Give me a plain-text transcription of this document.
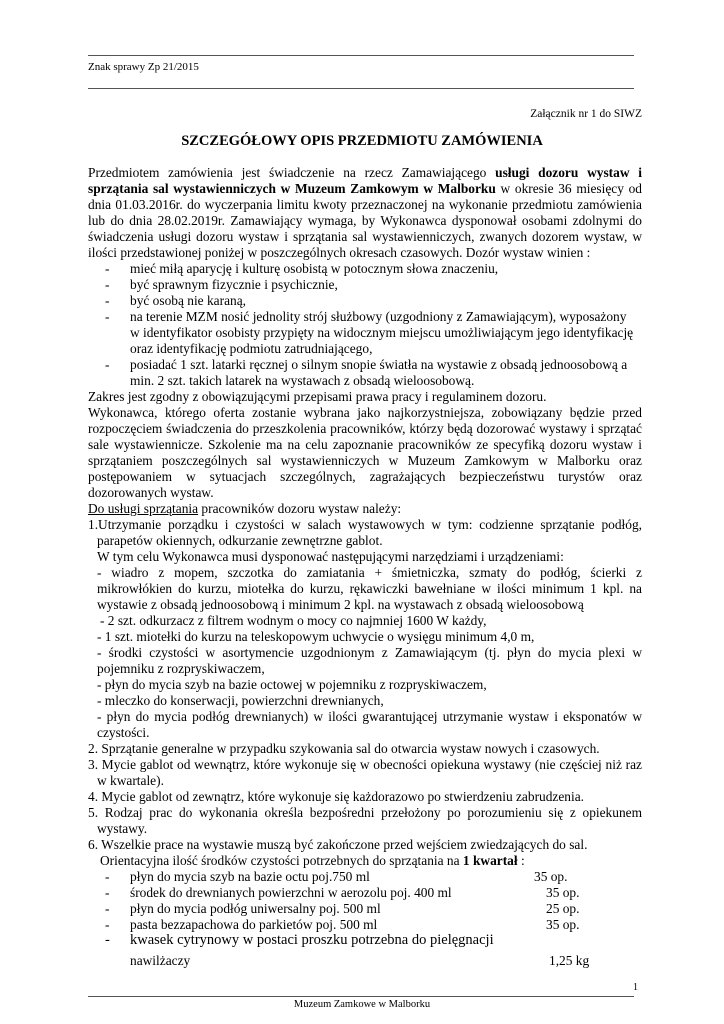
Znak sprawy Zp 21/2015
Załącznik nr 1 do SIWZ
SZCZEGÓŁOWY OPIS PRZEDMIOTU ZAMÓWIENIA
Przedmiotem zamówienia jest świadczenie na rzecz Zamawiającego usługi dozoru wystaw i
sprzątania sal wystawienniczych w Muzeum Zamkowym w Malborku w okresie 36 miesięcy od
dnia 01.03.2016r. do wyczerpania limitu kwoty przeznaczonej na wykonanie przedmiotu zamówienia
lub do dnia 28.02.2019r. Zamawiający wymaga, by Wykonawca dysponował osobami zdolnymi do
świadczenia usługi dozoru wystaw i sprzątania sal wystawienniczych, zwanych dozorem wystaw, w
ilości przedstawionej poniżej w poszczególnych okresach czasowych. Dozór wystaw winien :
- mieć miłą aparycję i kulturę osobistą w potocznym słowa znaczeniu,
- być sprawnym fizycznie i psychicznie,
- być osobą nie karaną,
- na terenie MZM nosić jednolity strój służbowy (uzgodniony z Zamawiającym), wyposażony
w identyfikator osobisty przypięty na widocznym miejscu umożliwiającym jego identyfikację
oraz identyfikację podmiotu zatrudniającego,
- posiadać 1 szt. latarki ręcznej o silnym snopie światła na wystawie z obsadą jednoosobową a
min. 2 szt. takich latarek na wystawach z obsadą wieloosobową.
Zakres jest zgodny z obowiązującymi przepisami prawa pracy i regulaminem dozoru.
Wykonawca, którego oferta zostanie wybrana jako najkorzystniejsza, zobowiązany będzie przed
rozpoczęciem świadczenia do przeszkolenia pracowników, którzy będą dozorować wystawy i sprzątać
sale wystawiennicze. Szkolenie ma na celu zapoznanie pracowników ze specyfiką dozoru wystaw i
sprzątaniem poszczególnych sal wystawienniczych w Muzeum Zamkowym w Malborku oraz
postępowaniem w sytuacjach szczególnych, zagrażających bezpieczeństwu turystów oraz
dozorowanych wystaw.
Do usługi sprzątania pracowników dozoru wystaw należy:
1.Utrzymanie porządku i czystości w salach wystawowych w tym: codzienne sprzątanie podłóg,
parapetów okiennych, odkurzanie zewnętrzne gablot.
W tym celu Wykonawca musi dysponować następującymi narzędziami i urządzeniami:
- wiadro z mopem, szczotka do zamiatania + śmietniczka, szmaty do podłóg, ścierki z
mikrowłókien do kurzu, miotełka do kurzu, rękawiczki bawełniane w ilości minimum 1 kpl. na
wystawie z obsadą jednoosobową i minimum 2 kpl. na wystawach z obsadą wieloosobową
- 2 szt. odkurzacz z filtrem wodnym o mocy co najmniej 1600 W każdy,
- 1 szt. miotełki do kurzu na teleskopowym uchwycie o wysięgu minimum 4,0 m,
- środki czystości w asortymencie uzgodnionym z Zamawiającym (tj. płyn do mycia plexi w
pojemniku z rozpryskiwaczem,
- płyn do mycia szyb na bazie octowej w pojemniku z rozpryskiwaczem,
- mleczko do konserwacji, powierzchni drewnianych,
- płyn do mycia podłóg drewnianych) w ilości gwarantującej utrzymanie wystaw i eksponatów w
czystości.
2. Sprzątanie generalne w przypadku szykowania sal do otwarcia wystaw nowych i czasowych.
3. Mycie gablot od wewnątrz, które wykonuje się w obecności opiekuna wystawy (nie częściej niż raz
w kwartale).
4. Mycie gablot od zewnątrz, które wykonuje się każdorazowo po stwierdzeniu zabrudzenia.
5. Rodzaj prac do wykonania określa bezpośredni przełożony po porozumieniu się z opiekunem
wystawy.
6. Wszelkie prace na wystawie muszą być zakończone przed wejściem zwiedzających do sal.
Orientacyjna ilość środków czystości potrzebnych do sprzątania na 1 kwartał :
- płyn do mycia szyb na bazie octu poj.750 ml	35 op.
- środek do drewnianych powierzchni w aerozolu poj. 400 ml	35 op.
- płyn do mycia podłóg uniwersalny poj. 500 ml	25 op.
- pasta bezzapachowa do parkietów poj. 500 ml	35 op.
- kwasek cytrynowy w postaci proszku potrzebna do pielęgnacji
nawilżaczy	1,25 kg
1
Muzeum Zamkowe w Malborku
